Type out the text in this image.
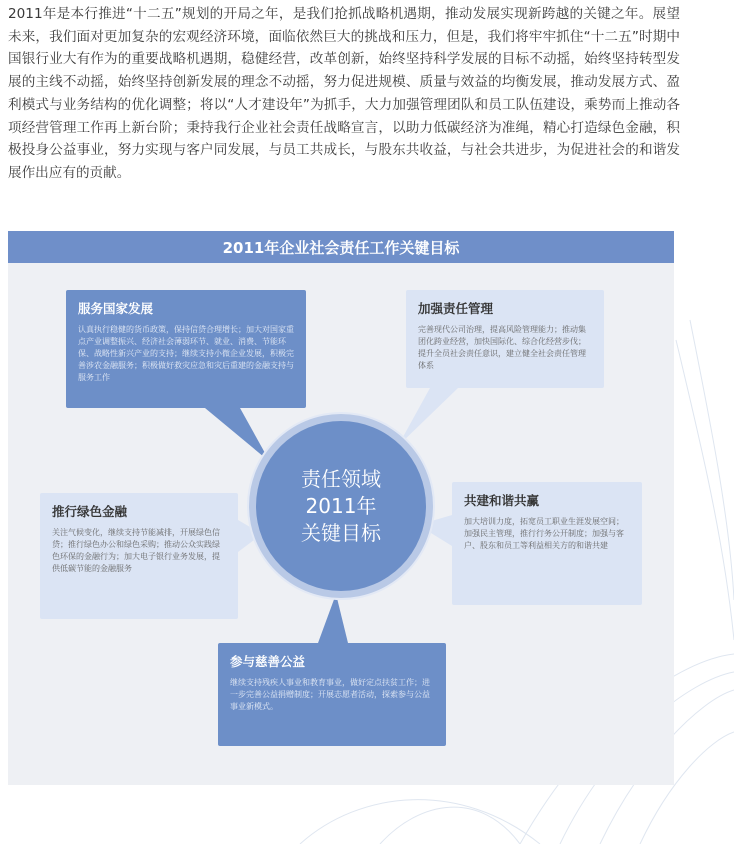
2011年是本行推进“十二五”规划的开局之年，是我们抢抓战略机遇期，推动发展实现新跨越的关键之年。展望未来，我们面对更加复杂的宏观经济环境，面临依然巨大的挑战和压力，但是，我们将牢牢抓住“十二五”时期中国银行业大有作为的重要战略机遇期，稳健经营，改革创新，始终坚持科学发展的目标不动摇，始终坚持转型发展的主线不动摇，始终坚持创新发展的理念不动摇，努力促进规模、质量与效益的均衡发展，推动发展方式、盈利模式与业务结构的优化调整；将以“人才建设年”为抓手，大力加强管理团队和员工队伍建设，乘势而上推动各项经营管理工作再上新台阶；秉持我行企业社会责任战略宣言，以助力低碳经济为准绳，精心打造绿色金融，积极投身公益事业，努力实现与客户同发展，与员工共成长，与股东共收益，与社会共进步，为促进社会的和谐发展作出应有的贡献。

2011年企业社会责任工作关键目标
服务国家发展

认真执行稳健的货币政策，保持信贷合理增长；加大对国家重点产业调整振兴、经济社会薄弱环节、就业、消费、节能环保、战略性新兴产业的支持；继续支持小微企业发展，积极完善涉农金融服务；积极做好救灾应急和灾后重建的金融支持与服务工作

加强责任管理

完善现代公司治理，提高风险管理能力；推动集团化跨业经营，加快国际化、综合化经营步伐；提升全员社会责任意识，建立健全社会责任管理体系

推行绿色金融

关注气候变化，继续支持节能减排，开展绿色信贷；推行绿色办公和绿色采购；推动公众实践绿色环保的金融行为；加大电子银行业务发展，提供低碳节能的金融服务

共建和谐共赢

加大培训力度，拓宽员工职业生涯发展空间；加强民主管理，推行行务公开制度；加强与客户、股东和员工等利益相关方的和谐共建

参与慈善公益

继续支持残疾人事业和教育事业，做好定点扶贫工作；进一步完善公益捐赠制度；开展志愿者活动，探索参与公益事业新模式。

责任领域
2011年
关键目标
